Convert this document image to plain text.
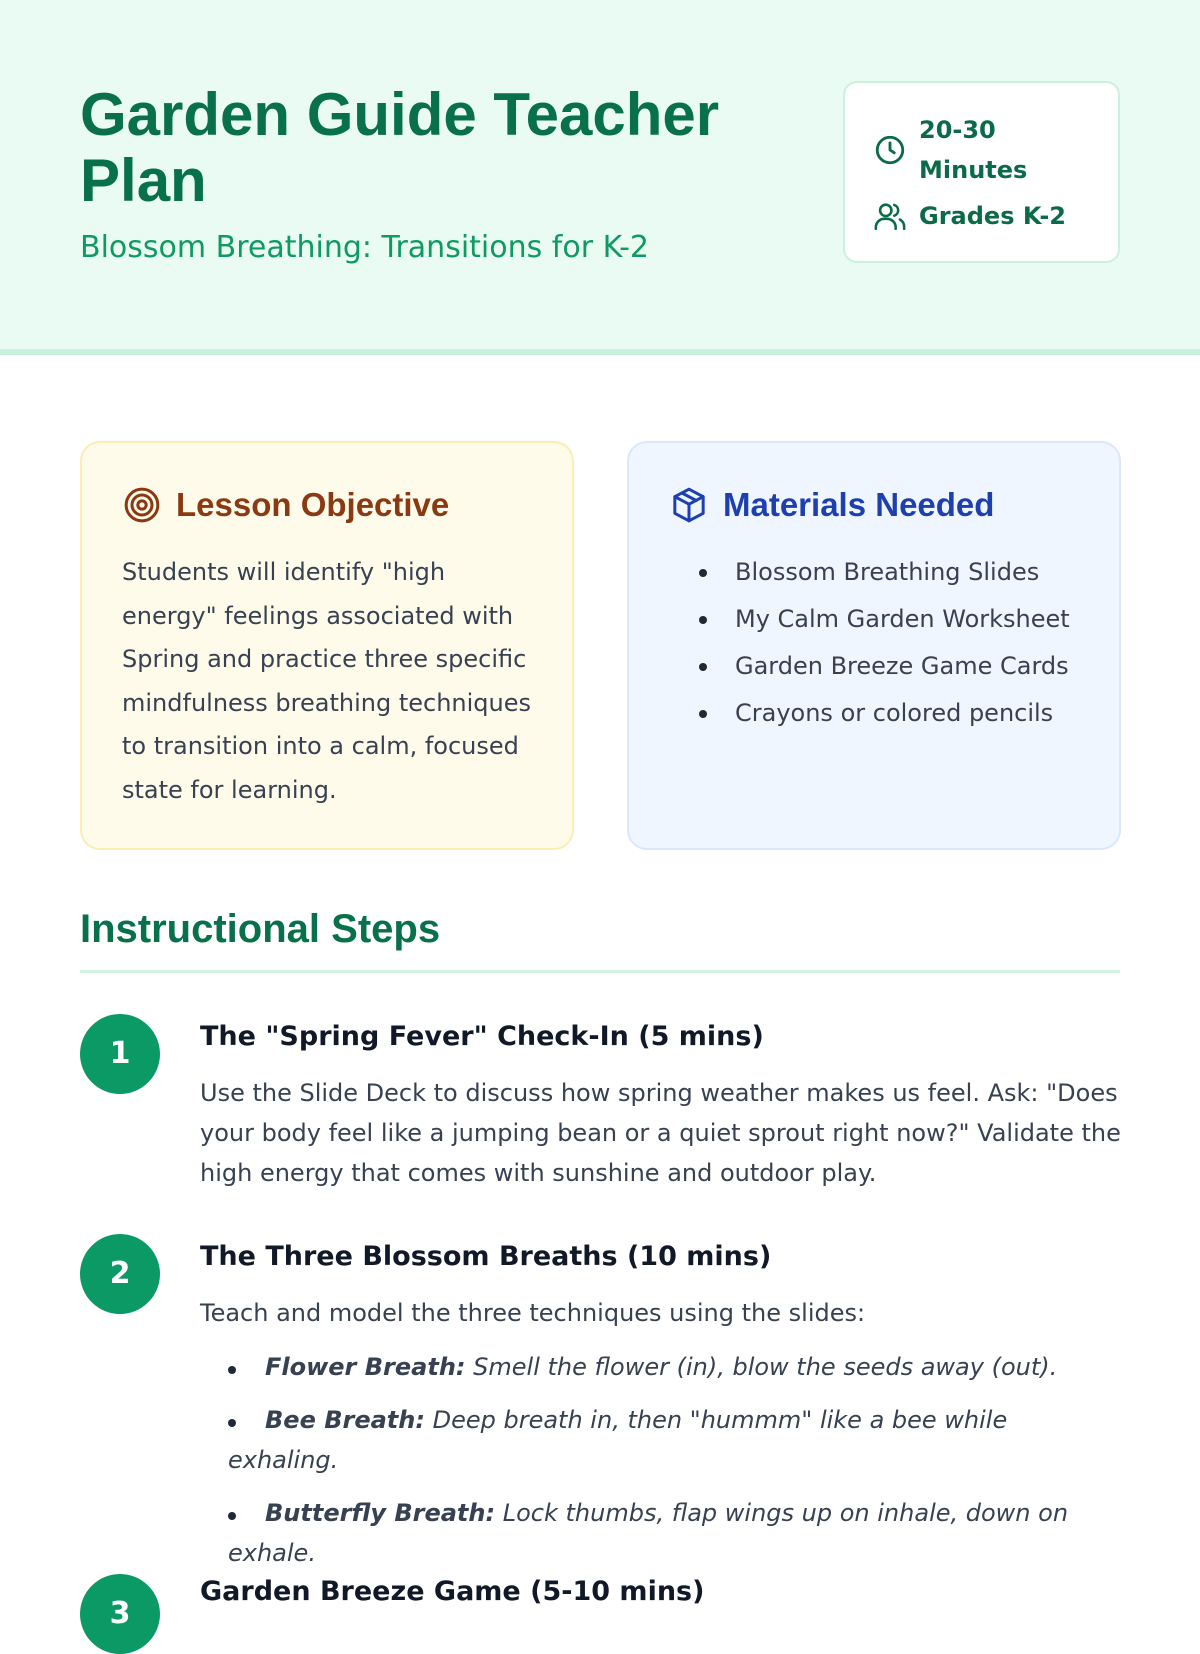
Garden Guide Teacher Plan

Blossom Breathing: Transitions for K-2

20-30 Minutes
Grades K-2
Lesson Objective

Students will identify "high energy" feelings associated with Spring and practice three specific mindfulness breathing techniques to transition into a calm, focused state for learning.

Materials Needed
Blossom Breathing Slides
My Calm Garden Worksheet
Garden Breeze Game Cards
Crayons or colored pencils
Instructional Steps
1	The "Spring Fever" Check-In (5 mins)

Use the Slide Deck to discuss how spring weather makes us feel. Ask: "Does your body feel like a jumping bean or a quiet sprout right now?" Validate the high energy that comes with sunshine and outdoor play.

2	The Three Blossom Breaths (10 mins)

Teach and model the three techniques using the slides:

Flower Breath: Smell the flower (in), blow the seeds away (out).
Bee Breath: Deep breath in, then "hummm" like a bee while exhaling.
Butterfly Breath: Lock thumbs, flap wings up on inhale, down on exhale.
3
Garden Breeze Game (5-10 mins)
